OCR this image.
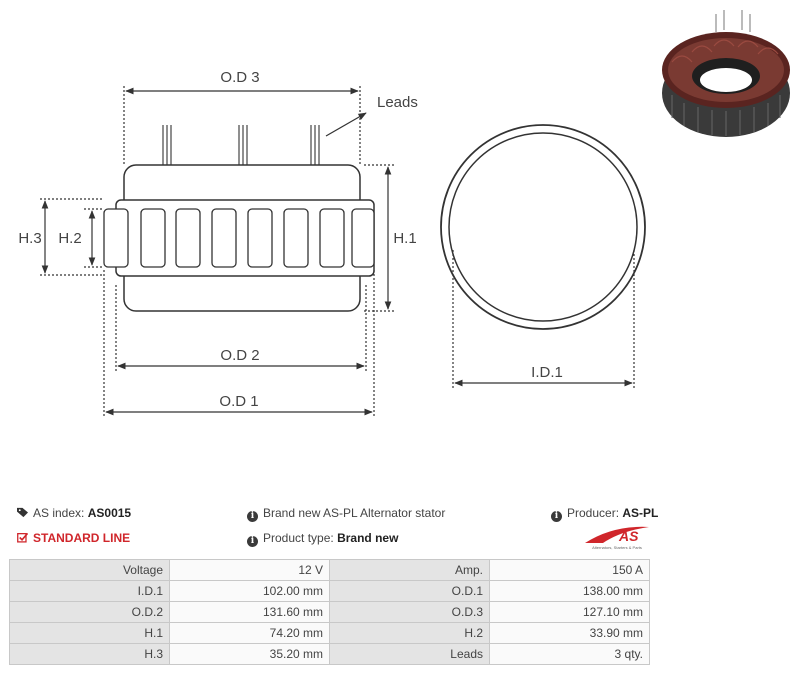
O.D 3
Leads
H.3 H.2	H.1
O.D 2
O.D 1
I.D.1
AS index: AS0015
STANDARD LINE
i Brand new AS-PL Alternator stator
i Product type: Brand new
i Producer: AS-PL
AS
Alternators, Starters & Parts
Voltage	12 V	Amp.	150 A
I.D.1	102.00 mm	O.D.1	138.00 mm
O.D.2	131.60 mm	O.D.3	127.10 mm
H.1	74.20 mm	H.2	33.90 mm
H.3	35.20 mm	Leads	3 qty.
